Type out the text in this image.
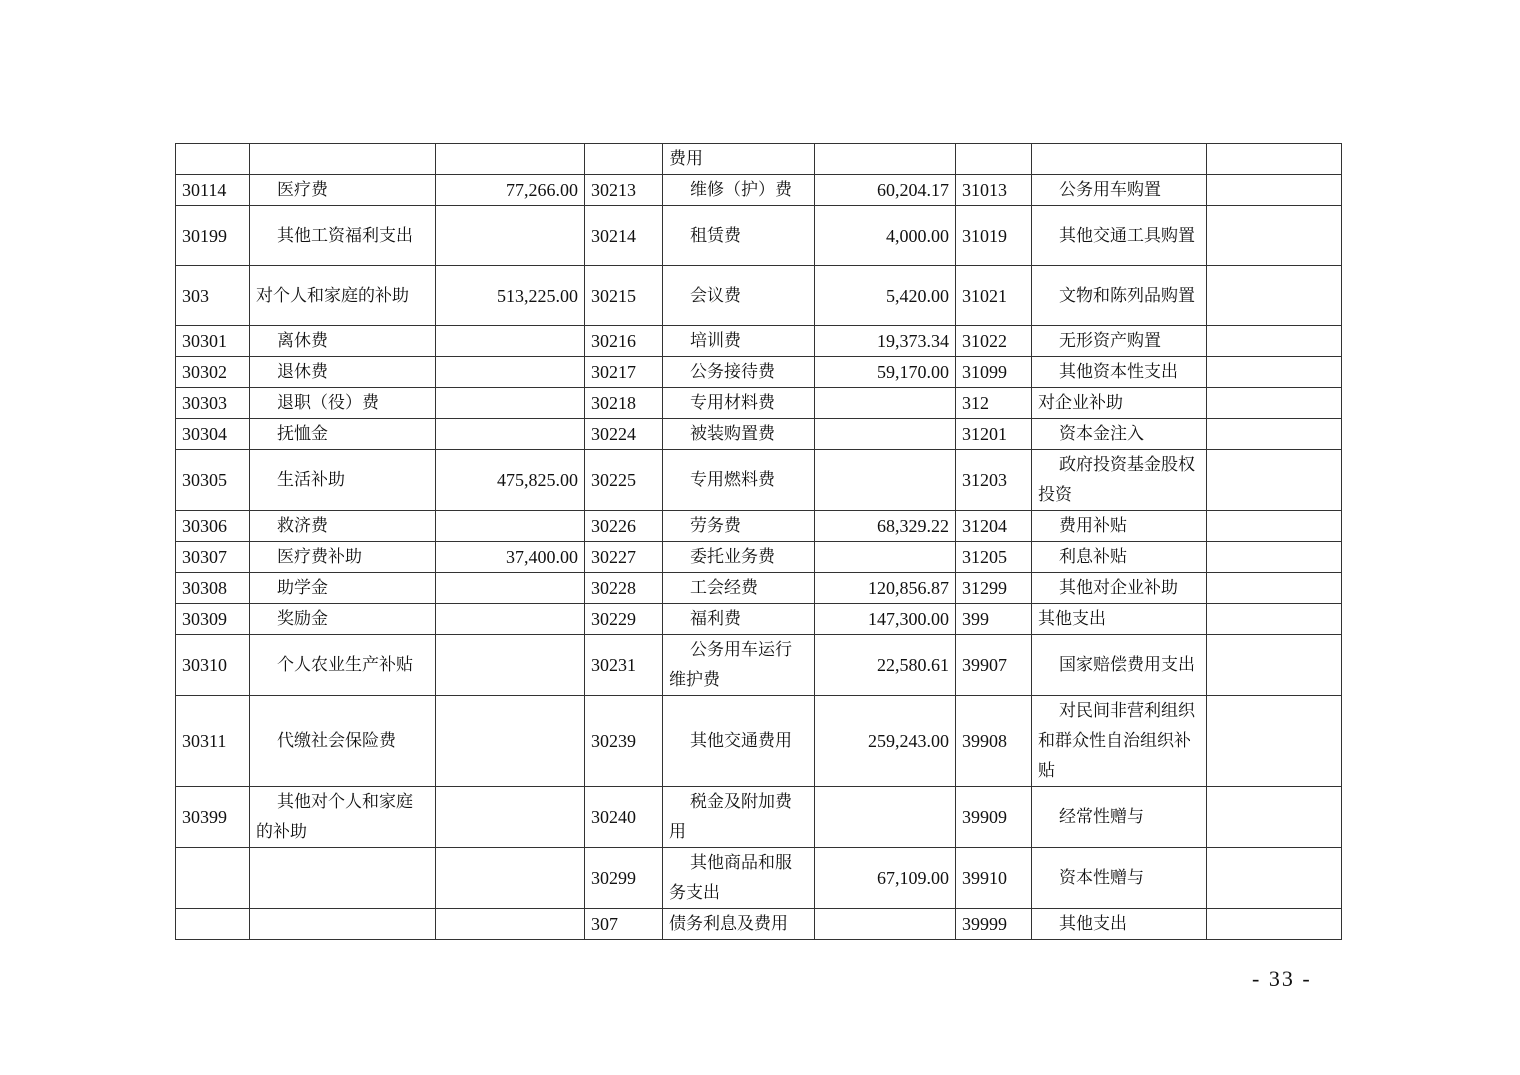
				费用				
30114	医疗费	77,266.00	30213	维修（护）费	60,204.17	31013	公务用车购置	
30199	其他工资福利支出		30214	租赁费	4,000.00	31019	其他交通工具购置	
303	对个人和家庭的补助	513,225.00	30215	会议费	5,420.00	31021	文物和陈列品购置	
30301	离休费		30216	培训费	19,373.34	31022	无形资产购置	
30302	退休费		30217	公务接待费	59,170.00	31099	其他资本性支出	
30303	退职（役）费		30218	专用材料费		312	对企业补助	
30304	抚恤金		30224	被装购置费		31201	资本金注入	
30305	生活补助	475,825.00	30225	专用燃料费		31203	政府投资基金股权投资	
30306	救济费		30226	劳务费	68,329.22	31204	费用补贴	
30307	医疗费补助	37,400.00	30227	委托业务费		31205	利息补贴	
30308	助学金		30228	工会经费	120,856.87	31299	其他对企业补助	
30309	奖励金		30229	福利费	147,300.00	399	其他支出	
30310	个人农业生产补贴		30231	公务用车运行维护费	22,580.61	39907	国家赔偿费用支出	
30311	代缴社会保险费		30239	其他交通费用	259,243.00	39908	对民间非营利组织和群众性自治组织补贴	
30399	其他对个人和家庭的补助		30240	税金及附加费用		39909	经常性赠与	
			30299	其他商品和服务支出	67,109.00	39910	资本性赠与	
			307	债务利息及费用		39999	其他支出	
- 33 -
